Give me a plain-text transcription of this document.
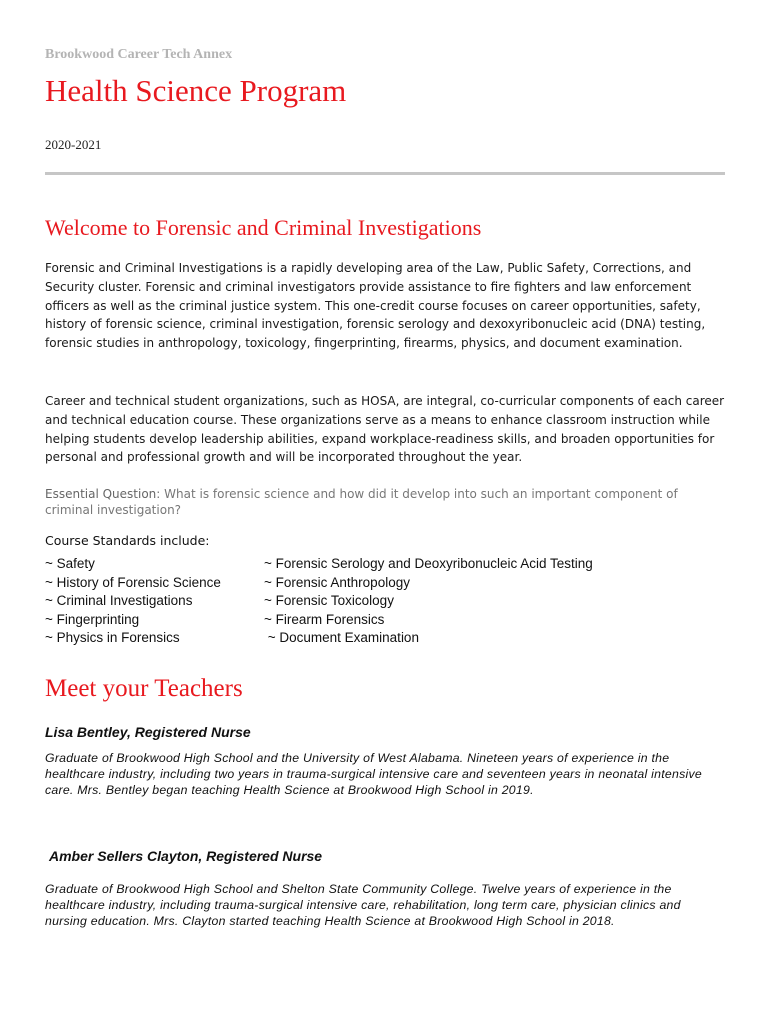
Brookwood Career Tech Annex
Health Science Program
2020-2021
Welcome to Forensic and Criminal Investigations

Forensic and Criminal Investigations is a rapidly developing area of the Law, Public Safety, Corrections, and Security cluster. Forensic and criminal investigators provide assistance to fire fighters and law enforcement officers as well as the criminal justice system. This one-credit course focuses on career opportunities, safety, history of forensic science, criminal investigation, forensic serology and dexoxyribonucleic acid (DNA) testing, forensic studies in anthropology, toxicology, fingerprinting, firearms, physics, and document examination.

Career and technical student organizations, such as HOSA, are integral, co-curricular components of each career and technical education course. These organizations serve as a means to enhance classroom instruction while helping students develop leadership abilities, expand workplace-readiness skills, and broaden opportunities for personal and professional growth and will be incorporated throughout the year.

Essential Question: What is forensic science and how did it develop into such an important component of criminal investigation?

Course Standards include:
~ Safety
~ History of Forensic Science
~ Criminal Investigations
~ Fingerprinting
~ Physics in Forensics
~ Forensic Serology and Deoxyribonucleic Acid Testing
~ Forensic Anthropology
~ Forensic Toxicology
~ Firearm Forensics
~ Document Examination
Meet your Teachers
Lisa Bentley, Registered Nurse

Graduate of Brookwood High School and the University of West Alabama. Nineteen years of experience in the healthcare industry, including two years in trauma-surgical intensive care and seventeen years in neonatal intensive care. Mrs. Bentley began teaching Health Science at Brookwood High School in 2019.

Amber Sellers Clayton, Registered Nurse

Graduate of Brookwood High School and Shelton State Community College. Twelve years of experience in the healthcare industry, including trauma-surgical intensive care, rehabilitation, long term care, physician clinics and nursing education. Mrs. Clayton started teaching Health Science at Brookwood High School in 2018.
